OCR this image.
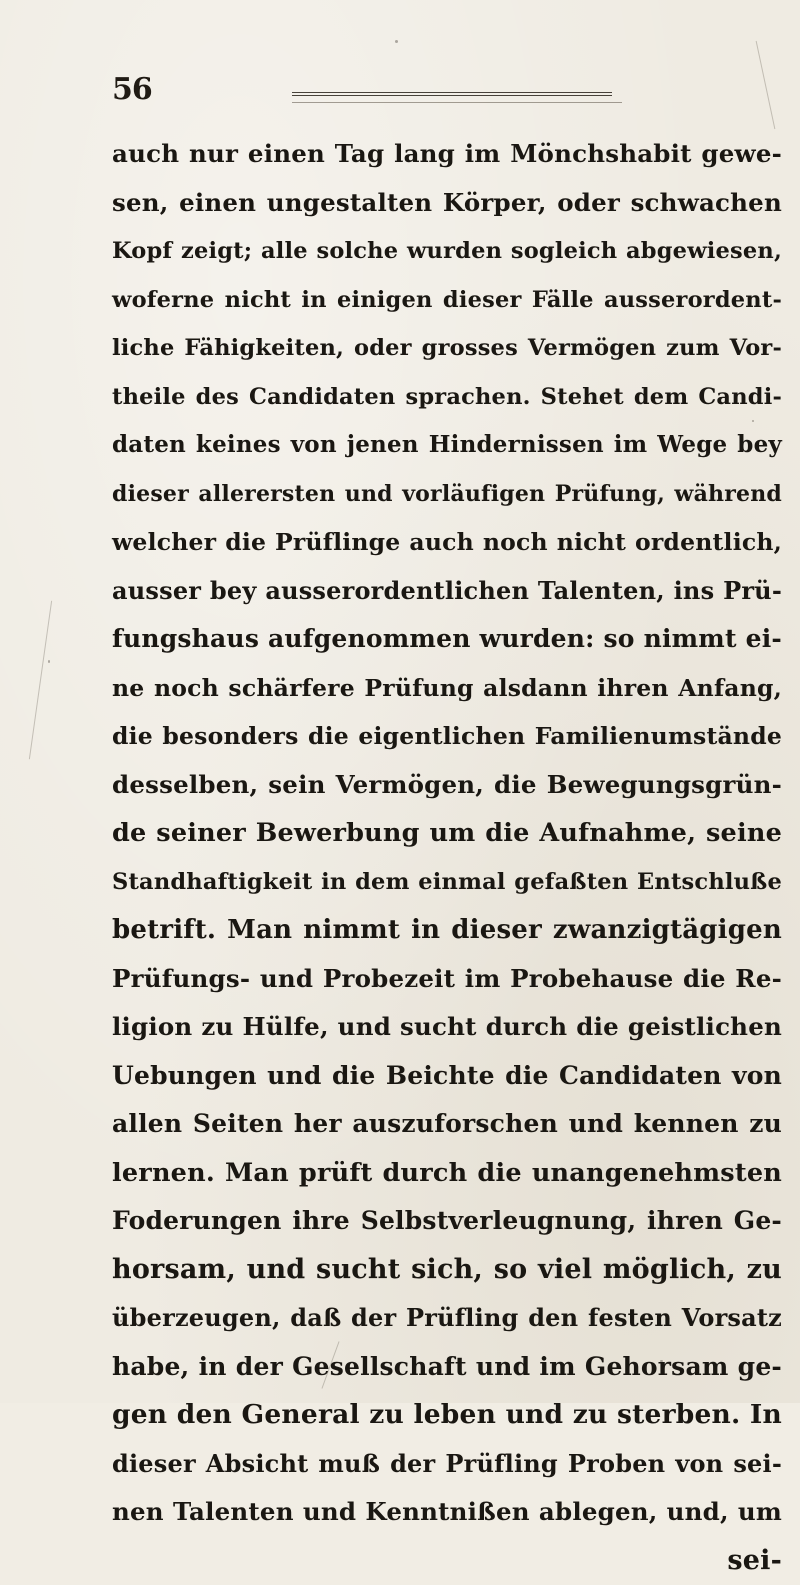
56
auch nur einen Tag lang im Mönchshabit gewe-
sen, einen ungestalten Körper, oder schwachen
Kopf zeigt; alle solche wurden sogleich abgewiesen,
woferne nicht in einigen dieser Fälle ausserordent-
liche Fähigkeiten, oder grosses Vermögen zum Vor-
theile des Candidaten sprachen. Stehet dem Candi-
daten keines von jenen Hindernissen im Wege bey
dieser allerersten und vorläufigen Prüfung, während
welcher die Prüflinge auch noch nicht ordentlich,
ausser bey ausserordentlichen Talenten, ins Prü-
fungshaus aufgenommen wurden: so nimmt ei-
ne noch schärfere Prüfung alsdann ihren Anfang,
die besonders die eigentlichen Familienumstände
desselben, sein Vermögen, die Bewegungsgrün-
de seiner Bewerbung um die Aufnahme, seine
Standhaftigkeit in dem einmal gefaßten Entschluße
betrift. Man nimmt in dieser zwanzigtägigen
Prüfungs- und Probezeit im Probehause die Re-
ligion zu Hülfe, und sucht durch die geistlichen
Uebungen und die Beichte die Candidaten von
allen Seiten her auszuforschen und kennen zu
lernen. Man prüft durch die unangenehmsten
Foderungen ihre Selbstverleugnung, ihren Ge-
horsam, und sucht sich, so viel möglich, zu
überzeugen, daß der Prüfling den festen Vorsatz
habe, in der Gesellschaft und im Gehorsam ge-
gen den General zu leben und zu sterben. In
dieser Absicht muß der Prüfling Proben von sei-
nen Talenten und Kenntnißen ablegen, und, um
sei-
